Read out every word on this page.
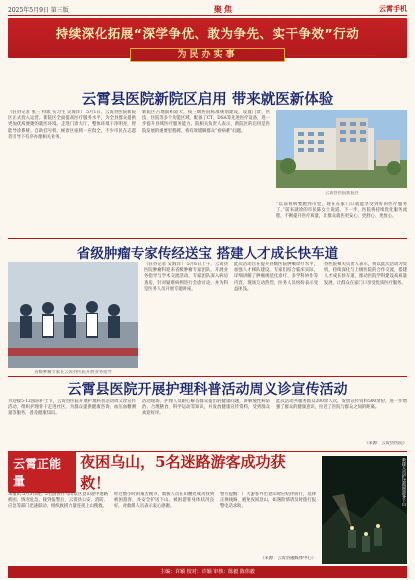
2025年5月9日 第三版	聚焦	云霄手机
持续深化拓展“深学争优、敢为争先、实干争效”行动
为民办实事
云霄县医院新院区启用 带来就医新体验
（驻县记者 张三 特派 实习生 吴海洋） 5月1日，云霄县医院新院区正式投入运营。新院区全面提高医疗服务水平，为全县群众提供更加优质便捷的就医环境。走进门诊大厅，整体环境干净明亮，智能导诊系统、自助挂号机、候诊区座椅一应俱全，不少市民在志愿者引导下有序办理相关业务。
新院区占地面积较大，按三级医院标准规划建设，设置门诊、医技、住院等多个功能区域，配备了CT、DSA等先进医疗设备，进一步提升县域医疗服务能力。院相关负责人表示，新院区的启用是医院发展的重要里程碑，将有效缓解群众“看病难”问题。
云霄县医院新院区
“以前看病要跑到市里，现在在家门口就能享受到好的医疗服务了。”前来就诊的市民陈女士说道。下一步，医院将持续优化服务流程，不断提升医疗质量，让群众就医更安心、更舒心、更放心。
省级肿瘤专家传经送宝 搭建人才成长快车道
省级肿瘤专家在云霄县医院开展业务指导
（驻县记者 吴海洋） 5月6日上午，云霄县医院肿瘤科迎来省级肿瘤专家团队，开展业务指导与学术交流活动。专家团队深入病房查房，针对疑难病例进行会诊讨论，并为科室医务人员开展专题讲座。
此次活动旨在提升县级医院肿瘤诊疗水平，加强人才梯队建设。专家们结合临床实际，详细讲解了肿瘤规范化诊疗、多学科协作等内容，现场互动热烈，医务人员纷纷表示受益匪浅。
县医院相关负责人表示，将以此次活动为契机，持续深化与上级医院的合作交流，搭建人才成长快车道，推动医院学科建设高质量发展，让群众在家门口享受优质医疗服务。
云霄县医院开展护理科普活动周义诊宣传活动
为迎接5·12国际护士节，云霄县医院开展护理科普活动周义诊宣传活动，组织护理骨干走进社区，为群众提供健康咨询、血压血糖测量等服务，普及健康知识。
活动现场，护理人员耐心解答群众提出的健康问题，讲解慢性病防治、合理膳食、科学运动等知识，并发放健康宣传资料，受到群众欢迎好评。
此次活动共服务群众200余人次，发放宣传资料500余份，进一步增强了群众的健康意识，拉近了医院与群众之间的距离。
（来源：云霄县医院）
云霄正能量
夜困乌山，5名迷路游客成功获救！
本报讯 5月5日晚，5名游客在乌山景区登山途中迷路被困，情况危急。接到报警后，云霄县公安、消防、应急等部门迅速联动，组织救援力量连夜上山搜救。
经过数小时的艰苦搜寻，救援人员在山腰处成功找到被困游客，并安全护送下山。被困游客身体状况良好，对救援人员表示衷心感谢。
警方提醒：广大游客外出登山时应结伴而行，选择正规线路，避免夜间登山，如遇险情请及时拨打报警电话求助。
（来源：云霄县融媒体中心）
救援人员护送被困游客下山
主编：许颖 校对：许颖 审核：陈毅 陈伟毅
